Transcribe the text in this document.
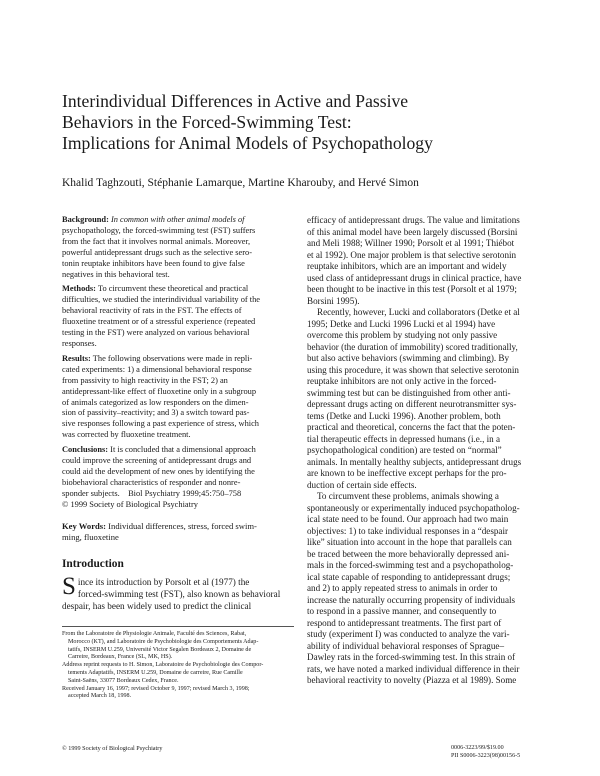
Interindividual Differences in Active and Passive
Behaviors in the Forced-Swimming Test:
Implications for Animal Models of Psychopathology
Khalid Taghzouti, Stéphanie Lamarque, Martine Kharouby, and Hervé Simon

Background: In common with other animal models of
psychopathology, the forced-swimming test (FST) suffers
from the fact that it involves normal animals. Moreover,
powerful antidepressant drugs such as the selective sero-
tonin reuptake inhibitors have been found to give false
negatives in this behavioral test.

Methods: To circumvent these theoretical and practical
difficulties, we studied the interindividual variability of the
behavioral reactivity of rats in the FST. The effects of
fluoxetine treatment or of a stressful experience (repeated
testing in the FST) were analyzed on various behavioral
responses.

Results: The following observations were made in repli-
cated experiments: 1) a dimensional behavioral response
from passivity to high reactivity in the FST; 2) an
antidepressant-like effect of fluoxetine only in a subgroup
of animals categorized as low responders on the dimen-
sion of passivity–reactivity; and 3) a switch toward pas-
sive responses following a past experience of stress, which
was corrected by fluoxetine treatment.

Conclusions: It is concluded that a dimensional approach
could improve the screening of antidepressant drugs and
could aid the development of new ones by identifying the
biobehavioral characteristics of responder and nonre-
sponder subjects. Biol Psychiatry 1999;45:750–758
© 1999 Society of Biological Psychiatry

Key Words: Individual differences, stress, forced swim-
ming, fluoxetine
Introduction
S ince its introduction by Porsolt et al (1977) the
forced-swimming test (FST), also known as behavioral
despair, has been widely used to predict the clinical
From the Laboratoire de Physiologie Animale, Faculté des Sciences, Rabat,
Morocco (KT), and Laboratoire de Psychobiologie des Comportements Adap-
tatifs, INSERM U.259, Université Victor Segalen Bordeaux 2, Domaine de
Carreire, Bordeaux, France (SL, MK, HS).
Address reprint requests to H. Simon, Laboratoire de Psychobiologie des Compor-
tements Adaptatifs, INSERM U.259, Domaine de carreire, Rue Camille
Saint-Saëns, 33077 Bordeaux Cedex, France.
Received January 16, 1997; revised October 9, 1997; revised March 3, 1998;
accepted March 18, 1998.

efficacy of antidepressant drugs. The value and limitations
of this animal model have been largely discussed (Borsini
and Meli 1988; Willner 1990; Porsolt et al 1991; Thiébot
et al 1992). One major problem is that selective serotonin
reuptake inhibitors, which are an important and widely
used class of antidepressant drugs in clinical practice, have
been thought to be inactive in this test (Porsolt et al 1979;
Borsini 1995).

Recently, however, Lucki and collaborators (Detke et al
1995; Detke and Lucki 1996 Lucki et al 1994) have
overcome this problem by studying not only passive
behavior (the duration of immobility) scored traditionally,
but also active behaviors (swimming and climbing). By
using this procedure, it was shown that selective serotonin
reuptake inhibitors are not only active in the forced-
swimming test but can be distinguished from other anti-
depressant drugs acting on different neurotransmitter sys-
tems (Detke and Lucki 1996). Another problem, both
practical and theoretical, concerns the fact that the poten-
tial therapeutic effects in depressed humans (i.e., in a
psychopathological condition) are tested on “normal”
animals. In mentally healthy subjects, antidepressant drugs
are known to be ineffective except perhaps for the pro-
duction of certain side effects.

To circumvent these problems, animals showing a
spontaneously or experimentally induced psychopatholog-
ical state need to be found. Our approach had two main
objectives: 1) to take individual responses in a “despair
like” situation into account in the hope that parallels can
be traced between the more behaviorally depressed ani-
mals in the forced-swimming test and a psychopatholog-
ical state capable of responding to antidepressant drugs;
and 2) to apply repeated stress to animals in order to
increase the naturally occurring propensity of individuals
to respond in a passive manner, and consequently to
respond to antidepressant treatments. The first part of
study (experiment I) was conducted to analyze the vari-
ability of individual behavioral responses of Sprague–
Dawley rats in the forced-swimming test. In this strain of
rats, we have noted a marked individual difference in their
behavioral reactivity to novelty (Piazza et al 1989). Some

© 1999 Society of Biological Psychiatry	0006-3223/99/$19.00
PII S0006-3223(98)00156-5
